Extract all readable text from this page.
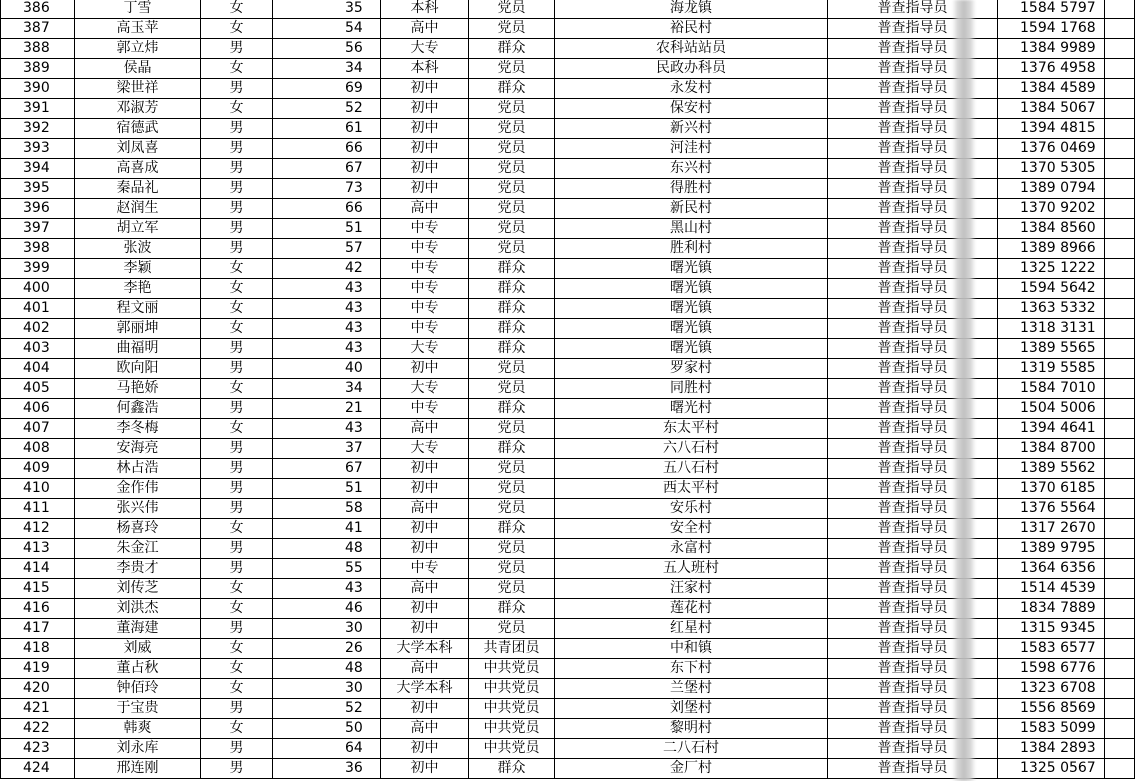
386	丁雪	女	35	本科	党员	海龙镇	普查指导员	1584 5797	
387	高玉苹	女	54	高中	党员	裕民村	普查指导员	1594 1768	
388	郭立炜	男	56	大专	群众	农科站站员	普查指导员	1384 9989	
389	侯晶	女	34	本科	党员	民政办科员	普查指导员	1376 4958	
390	梁世祥	男	69	初中	群众	永发村	普查指导员	1384 4589	
391	邓淑芳	女	52	初中	党员	保安村	普查指导员	1384 5067	
392	宿德武	男	61	初中	党员	新兴村	普查指导员	1394 4815	
393	刘凤喜	男	66	初中	党员	河洼村	普查指导员	1376 0469	
394	高喜成	男	67	初中	党员	东兴村	普查指导员	1370 5305	
395	秦品礼	男	73	初中	党员	得胜村	普查指导员	1389 0794	
396	赵润生	男	66	高中	党员	新民村	普查指导员	1370 9202	
397	胡立军	男	51	中专	党员	黑山村	普查指导员	1384 8560	
398	张波	男	57	中专	党员	胜利村	普查指导员	1389 8966	
399	李颖	女	42	中专	群众	曙光镇	普查指导员	1325 1222	
400	李艳	女	43	中专	群众	曙光镇	普查指导员	1594 5642	
401	程文丽	女	43	中专	群众	曙光镇	普查指导员	1363 5332	
402	郭丽坤	女	43	中专	群众	曙光镇	普查指导员	1318 3131	
403	曲福明	男	43	大专	群众	曙光镇	普查指导员	1389 5565	
404	欧向阳	男	40	初中	党员	罗家村	普查指导员	1319 5585	
405	马艳娇	女	34	大专	党员	同胜村	普查指导员	1584 7010	
406	何鑫浩	男	21	中专	群众	曙光村	普查指导员	1504 5006	
407	李冬梅	女	43	高中	党员	东太平村	普查指导员	1394 4641	
408	安海亮	男	37	大专	群众	六八石村	普查指导员	1384 8700	
409	林占浩	男	67	初中	党员	五八石村	普查指导员	1389 5562	
410	金作伟	男	51	初中	党员	西太平村	普查指导员	1370 6185	
411	张兴伟	男	58	高中	党员	安乐村	普查指导员	1376 5564	
412	杨喜玲	女	41	初中	群众	安全村	普查指导员	1317 2670	
413	朱金江	男	48	初中	党员	永富村	普查指导员	1389 9795	
414	李贵才	男	55	中专	党员	五人班村	普查指导员	1364 6356	
415	刘传芝	女	43	高中	党员	汪家村	普查指导员	1514 4539	
416	刘洪杰	女	46	初中	群众	莲花村	普查指导员	1834 7889	
417	董海建	男	30	初中	党员	红星村	普查指导员	1315 9345	
418	刘威	女	26	大学本科	共青团员	中和镇	普查指导员	1583 6577	
419	董占秋	女	48	高中	中共党员	东下村	普查指导员	1598 6776	
420	钟佰玲	女	30	大学本科	中共党员	兰堡村	普查指导员	1323 6708	
421	于宝贵	男	52	初中	中共党员	刘堡村	普查指导员	1556 8569	
422	韩爽	女	50	高中	中共党员	黎明村	普查指导员	1583 5099	
423	刘永库	男	64	初中	中共党员	二八石村	普查指导员	1384 2893	
424	邢连刚	男	36	初中	群众	金厂村	普查指导员	1325 0567	
